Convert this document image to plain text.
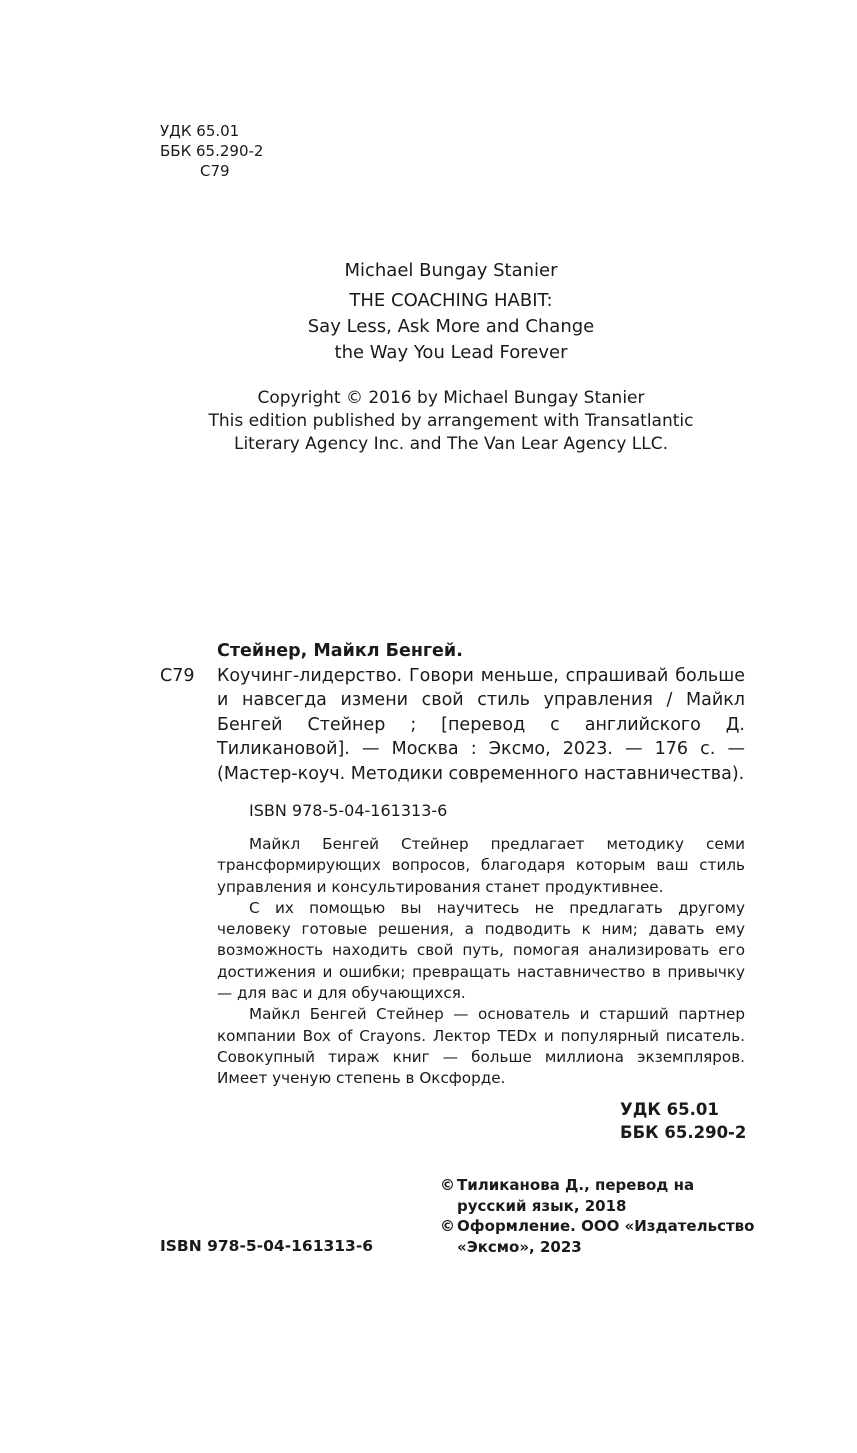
УДК 65.01
ББК 65.290-2
С79
Michael Bungay Stanier
THE COACHING HABIT:
Say Less, Ask More and Change
the Way You Lead Forever
Copyright © 2016 by Michael Bungay Stanier
This edition published by arrangement with Transatlantic
Literary Agency Inc. and The Van Lear Agency LLC.
Стейнер, Майкл Бенгей.
С79 Коучинг-лидерство. Говори меньше, спрашивай больше и навсегда измени свой стиль управления / Майкл Бенгей Стейнер ; [перевод с английского Д. Тиликановой]. — Москва : Эксмо, 2023. — 176 с. — (Мастер-коуч. Методики современного наставничества).
ISBN 978-5-04-161313-6

Майкл Бенгей Стейнер предлагает методику семи трансформирующих вопросов, благодаря которым ваш стиль управления и консультирования станет продуктивнее.

С их помощью вы научитесь не предлагать другому человеку готовые решения, а подводить к ним; давать ему возможность находить свой путь, помогая анализировать его достижения и ошибки; превращать наставничество в привычку — для вас и для обучающихся.

Майкл Бенгей Стейнер — основатель и старший партнер компании Box of Crayons. Лектор TEDx и популярный писатель. Совокупный тираж книг — больше миллиона экземпляров. Имеет ученую степень в Оксфорде.

УДК 65.01
ББК 65.290-2
ISBN 978-5-04-161313-6
© Тиликанова Д., перевод на русский язык, 2018
© Оформление. ООО «Издательство «Эксмо», 2023
